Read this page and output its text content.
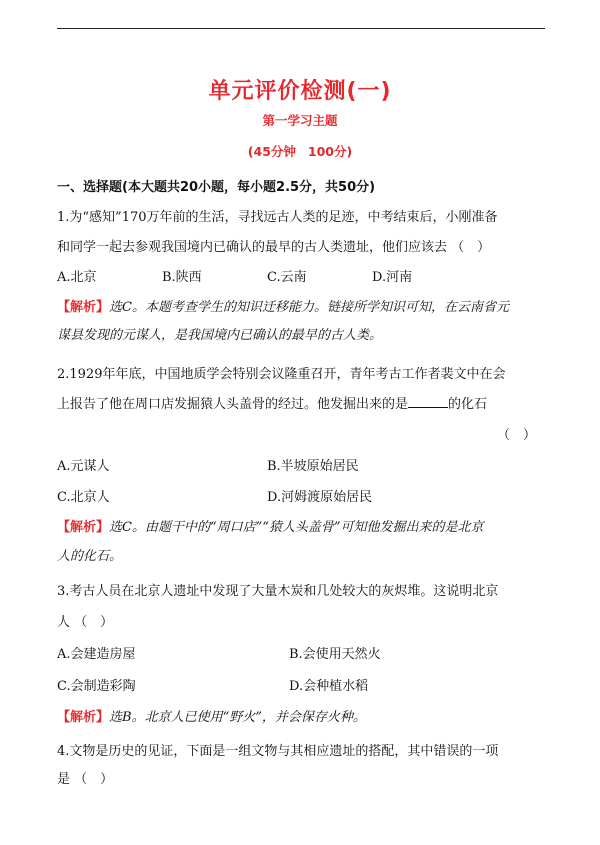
单元评价检测(一)
第一学习主题
(45分钟 100分)
一、选择题(本大题共20小题，每小题2.5分，共50分)
1.为“感知”170万年前的生活，寻找远古人类的足迹，中考结束后，小刚准备
和同学一起去参观我国境内已确认的最早的古人类遗址，他们应该去 （　）
A.北京	B.陕西	C.云南	D.河南
【解析】选C。本题考查学生的知识迁移能力。链接所学知识可知，在云南省元
谋县发现的元谋人，是我国境内已确认的最早的古人类。
2.1929年年底，中国地质学会特别会议隆重召开，青年考古工作者裴文中在会
上报告了他在周口店发掘猿人头盖骨的经过。他发掘出来的是	的化石
（　）
A.元谋人	B.半坡原始居民
C.北京人	D.河姆渡原始居民
【解析】选C。由题干中的“周口店”“猿人头盖骨”可知他发掘出来的是北京
人的化石。
3.考古人员在北京人遗址中发现了大量木炭和几处较大的灰烬堆。这说明北京
人 （　）
A.会建造房屋	B.会使用天然火
C.会制造彩陶	D.会种植水稻
【解析】选B。北京人已使用“野火”，并会保存火种。
4.文物是历史的见证，下面是一组文物与其相应遗址的搭配，其中错误的一项
是 （　）
